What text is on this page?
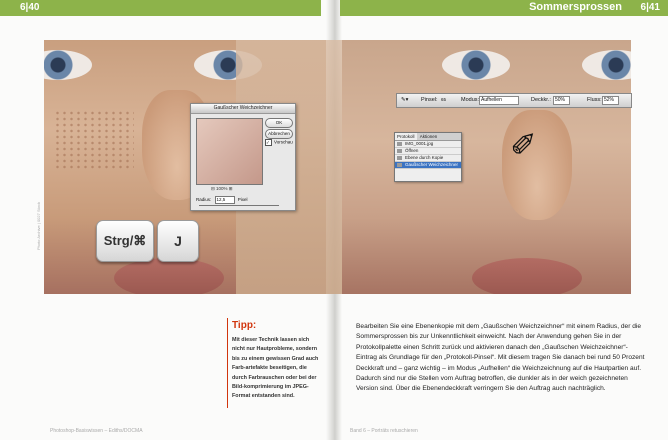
6|40	Sommersprossen 6|41
Gaußscher Weichzeichner
OK
Abbrechen
✓ Vorschau
⊟ 100% ⊞
Radius: 12,5	Pixel
Strg/⌘	J
✎▾ Pinsel: 65	Modus: Aufhellen	Deckkr.: 50%	Fluss: 52%
Protokoll Aktionen
IMG_0001.jpg
Öffnen
Ebene durch Kopie
Gaußscher Weichzeichner
✐
Photo Archive | 0027 Stock
Tipp:
Mit dieser Technik lassen sich nicht nur Hautprobleme, sondern bis zu einem gewissen Grad auch Farb-artefakte beseitigen, die durch Farbrauschen oder bei der Bild-komprimierung im JPEG-Format entstanden sind.
Bearbeiten Sie eine Ebenenkopie mit dem „Gaußschen Weichzeichner“ mit einem Radius, der die Sommersprossen bis zur Unkenntlichkeit einweicht. Nach der Anwendung gehen Sie in der Protokollpalette einen Schritt zurück und aktivieren danach den „Gaußschen Weichzeichner“-Eintrag als Grundlage für den „Protokoll-Pinsel“. Mit diesem tragen Sie danach bei rund 50 Prozent Deckkraft und – ganz wichtig – im Modus „Aufhellen“ die Weichzeichnung auf die Hautpartien auf. Dadurch sind nur die Stellen vom Auftrag betroffen, die dunkler als in der weich gezeichneten Version sind. Über die Ebenendeckkraft verringern Sie den Auftrag auch nachträglich.
Photoshop-Basiswissen – Ediths/DOCMA	Band 6 – Porträts retuschieren
